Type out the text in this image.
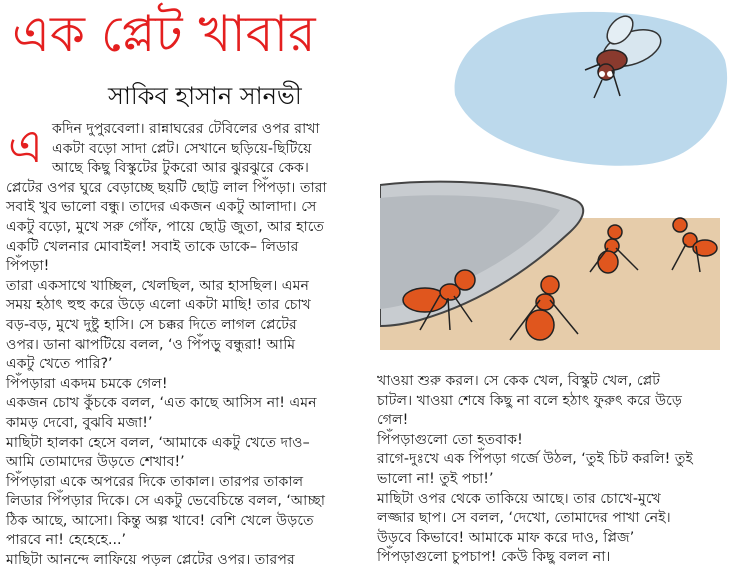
এক প্লেট খাবার
সাকিব হাসান সানভী
এ কদিন দুপুরবেলা। রান্নাঘরের টেবিলের ওপর রাখা
একটা বড়ো সাদা প্লেট। সেখানে ছড়িয়ে-ছিটিয়ে
আছে কিছু বিস্কুটের টুকরো আর ঝুরঝুরে কেক।
প্লেটের ওপর ঘুরে বেড়াচ্ছে ছয়টি ছোট্ট লাল পিঁপড়া। তারা
সবাই খুব ভালো বন্ধু। তাদের একজন একটু আলাদা। সে
একটু বড়ো, মুখে সরু গোঁফ, পায়ে ছোট্ট জুতা, আর হাতে
একটি খেলনার মোবাইল! সবাই তাকে ডাকে– লিডার
পিঁপড়া!
তারা একসাথে খাচ্ছিল, খেলছিল, আর হাসছিল। এমন
সময় হঠাৎ হুহু করে উড়ে এলো একটা মাছি! তার চোখ
বড়-বড়, মুখে দুষ্টু হাসি। সে চক্কর দিতে লাগল প্লেটের
ওপর। ডানা ঝাপটিয়ে বলল, ‘ও পিঁপড়ু বন্ধুরা! আমি
একটু খেতে পারি?’
পিঁপড়ারা একদম চমকে গেল!
একজন চোখ কুঁচকে বলল, ‘এত কাছে আসিস না! এমন
কামড় দেবো, বুঝবি মজা!’
মাছিটা হালকা হেসে বলল, ‘আমাকে একটু খেতে দাও–
আমি তোমাদের উড়তে শেখাব!’
পিঁপড়ারা একে অপরের দিকে তাকাল। তারপর তাকাল
লিডার পিঁপড়ার দিকে। সে একটু ভেবেচিন্তে বলল, ‘আচ্ছা
ঠিক আছে, আসো। কিন্তু অল্প খাবে! বেশি খেলে উড়তে
পারবে না! হেহেহে...’
মাছিটা আনন্দে লাফিয়ে পড়ল প্লেটের ওপর। তারপর
খাওয়া শুরু করল। সে কেক খেল, বিস্কুট খেল, প্লেট
চাটল। খাওয়া শেষে কিছু না বলে হঠাৎ ফুরুৎ করে উড়ে
গেল!
পিঁপড়াগুলো তো হতবাক!
রাগে-দুঃখে এক পিঁপড়া গর্জে উঠল, ‘তুই চিট করলি! তুই
ভালো না! তুই পচা!’
মাছিটা ওপর থেকে তাকিয়ে আছে। তার চোখে-মুখে
লজ্জার ছাপ। সে বলল, ‘দেখো, তোমাদের পাখা নেই।
উড়বে কিভাবে! আমাকে মাফ করে দাও, প্লিজ’
পিঁপড়াগুলো চুপচাপ! কেউ কিছু বলল না।
